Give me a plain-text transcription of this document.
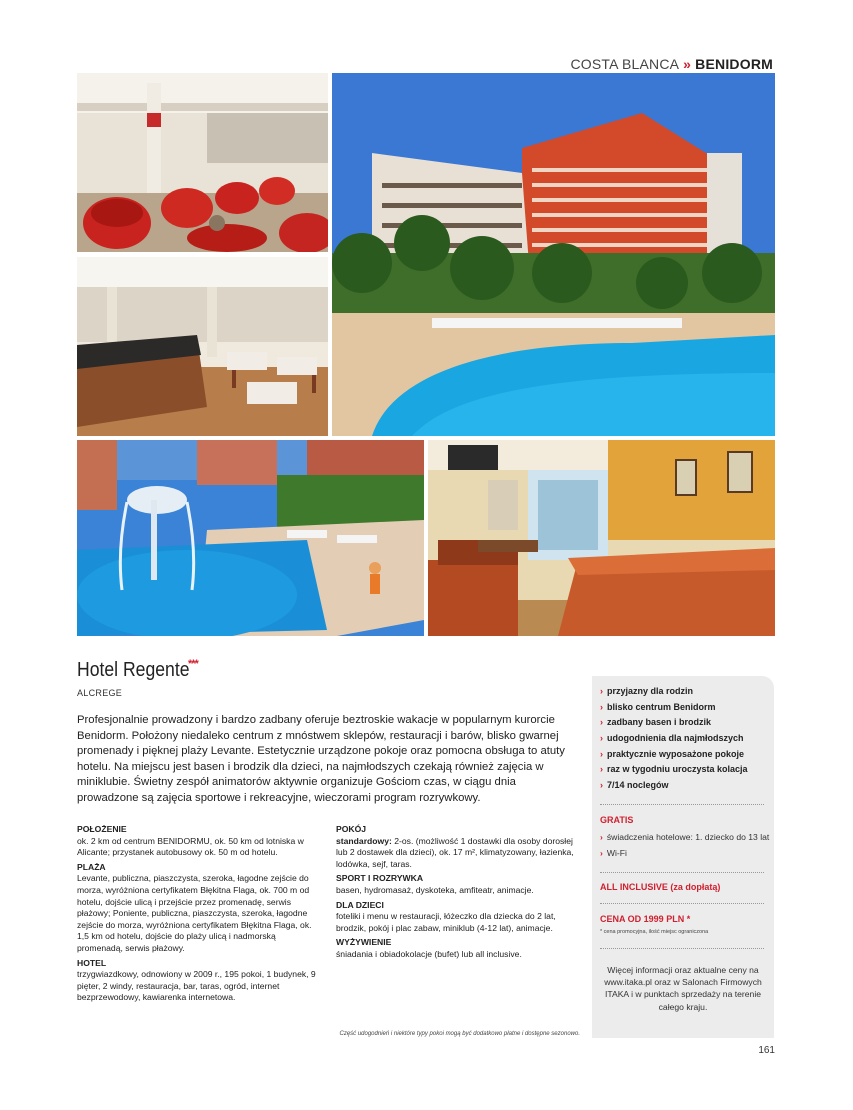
COSTA BLANCA » BENIDORM
Hotel Regente
***
ALCREGE
Profesjonalnie prowadzony i bardzo zadbany oferuje beztroskie wakacje w popularnym kurorcie Benidorm. Położony niedaleko centrum z mnóstwem sklepów, restauracji i barów, blisko gwarnej promenady i pięknej plaży Levante. Estetycznie urządzone pokoje oraz pomocna obsługa to atuty hotelu. Na miejscu jest basen i brodzik dla dzieci, na najmłodszych czekają również zajęcia w miniklubie. Świetny zespół animatorów aktywnie organizuje Gościom czas, w ciągu dnia prowadzone są zajęcia sportowe i rekreacyjne, wieczorami program rozrywkowy.
POŁOŻENIE

ok. 2 km od centrum BENIDORMU, ok. 50 km od lotniska w Alicante; przystanek autobusowy ok. 50 m od hotelu.

PLAŻA

Levante, publiczna, piaszczysta, szeroka, łagodne zejście do morza, wyróżniona certyfikatem Błękitna Flaga, ok. 700 m od hotelu, dojście ulicą i przejście przez promenadę, serwis płażowy; Poniente, publiczna, piaszczysta, szeroka, łagodne zejście do morza, wyróżniona certyfikatem Błękitna Flaga, ok. 1,5 km od hotelu, dojście do plaży ulicą i nadmorską promenadą, serwis płażowy.

HOTEL

trzygwiazdkowy, odnowiony w 2009 r., 195 pokoi, 1 budynek, 9 pięter, 2 windy, restauracja, bar, taras, ogród, internet bezprzewodowy, kawiarenka internetowa.

POKÓJ

standardowy: 2-os. (możliwość 1 dostawki dla osoby dorosłej lub 2 dostawek dla dzieci), ok. 17 m², klimatyzowany, łazienka, lodówka, sejf, taras.

SPORT I ROZRYWKA

basen, hydromasaż, dyskoteka, amfiteatr, animacje.

DLA DZIECI

foteliki i menu w restauracji, łóżeczko dla dziecka do 2 lat, brodzik, pokój i plac zabaw, miniklub (4-12 lat), animacje.

WYŻYWIENIE

śniadania i obiadokolacje (bufet) lub all inclusive.

Część udogodnień i niektóre typy pokoi mogą być dodatkowo płatne i dostępne sezonowo.
› przyjazny dla rodzin
› blisko centrum Benidorm
› zadbany basen i brodzik
› udogodnienia dla najmłodszych
› praktycznie wyposażone pokoje
› raz w tygodniu uroczysta kolacja
› 7/14 noclegów
GRATIS
› świadczenia hotelowe: 1. dziecko do 13 lat
› Wi-Fi
ALL INCLUSIVE (za dopłatą)
CENA OD 1999 PLN *
* cena promocyjna, ilość miejsc ograniczona
Więcej informacji oraz aktualne ceny na www.itaka.pl oraz w Salonach Firmowych ITAKA i w punktach sprzedaży na terenie całego kraju.
161
